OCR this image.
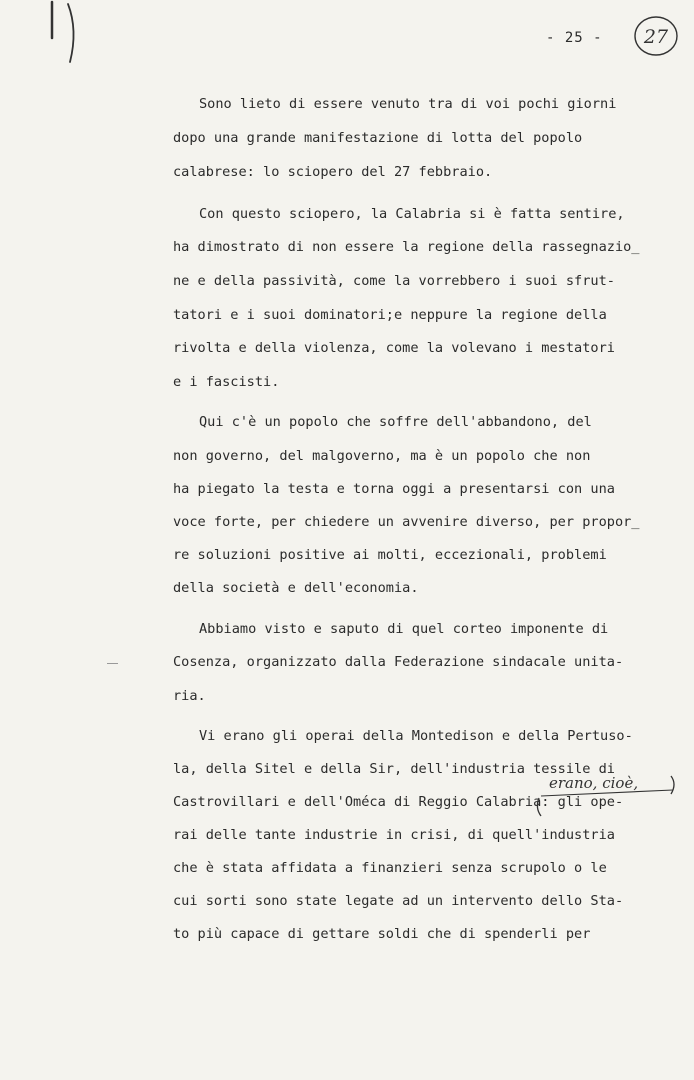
- 25 - 27
Sono lieto di essere venuto tra di voi pochi giorni
dopo una grande manifestazione di lotta del popolo
calabrese: lo sciopero del 27 febbraio.
Con questo sciopero, la Calabria si è fatta sentire,
ha dimostrato di non essere la regione della rassegnazio_
ne e della passività, come la vorrebbero i suoi sfrut-
tatori e i suoi dominatori;e neppure la regione della
rivolta e della violenza, come la volevano i mestatori
e i fascisti.
Qui c'è un popolo che soffre dell'abbandono, del
non governo, del malgoverno, ma è un popolo che non
ha piegato la testa e torna oggi a presentarsi con una
voce forte, per chiedere un avvenire diverso, per propor_
re soluzioni positive ai molti, eccezionali, problemi
della società e dell'economia.
Abbiamo visto e saputo di quel corteo imponente di
Cosenza, organizzato dalla Federazione sindacale unita-
ria.
Vi erano gli operai della Montedison e della Pertuso-
la, della Sitel e della Sir, dell'industria tessile di
Castrovillari e dell'Oméca di Reggio Calabria: gli ope-
rai delle tante industrie in crisi, di quell'industria
che è stata affidata a finanzieri senza scrupolo o le
cui sorti sono state legate ad un intervento dello Sta-
to più capace di gettare soldi che di spenderli per
erano, cioè,
